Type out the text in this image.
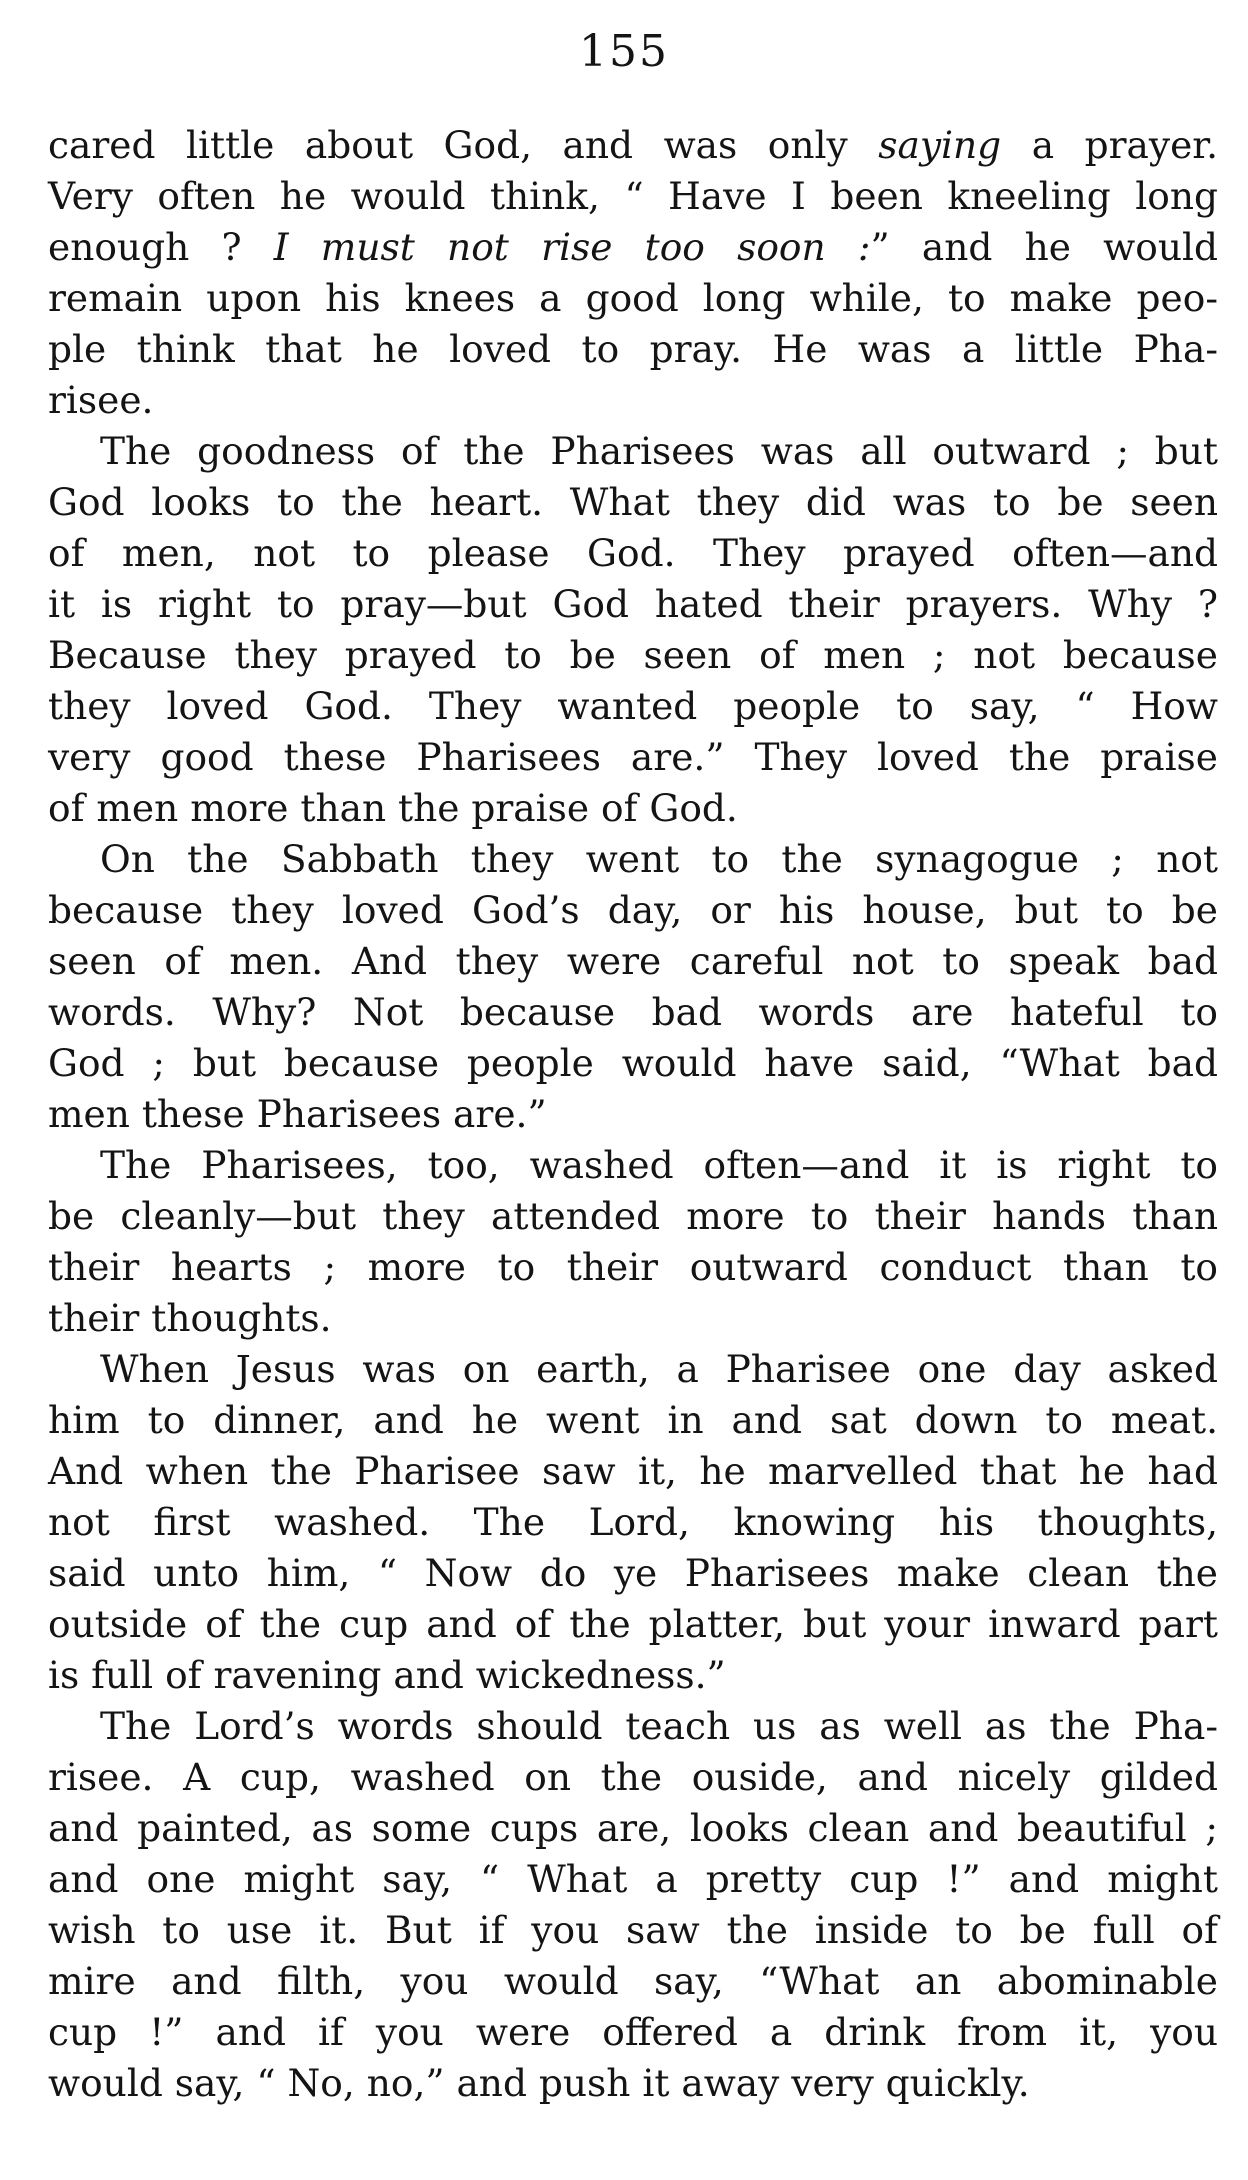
155
cared little about God, and was only saying a prayer.
Very often he would think, “ Have I been kneeling long
enough ? I must not rise too soon :” and he would
remain upon his knees a good long while, to make peo-
ple think that he loved to pray. He was a little Pha-
risee.
The goodness of the Pharisees was all outward ; but
God looks to the heart. What they did was to be seen
of men, not to please God. They prayed often—and
it is right to pray—but God hated their prayers. Why ?
Because they prayed to be seen of men ; not because
they loved God. They wanted people to say, “ How
very good these Pharisees are.” They loved the praise
of men more than the praise of God.
On the Sabbath they went to the synagogue ; not
because they loved God’s day, or his house, but to be
seen of men. And they were careful not to speak bad
words. Why? Not because bad words are hateful to
God ; but because people would have said, “What bad
men these Pharisees are.”
The Pharisees, too, washed often—and it is right to
be cleanly—but they attended more to their hands than
their hearts ; more to their outward conduct than to
their thoughts.
When Jesus was on earth, a Pharisee one day asked
him to dinner, and he went in and sat down to meat.
And when the Pharisee saw it, he marvelled that he had
not first washed. The Lord, knowing his thoughts,
said unto him, “ Now do ye Pharisees make clean the
outside of the cup and of the platter, but your inward part
is full of ravening and wickedness.”
The Lord’s words should teach us as well as the Pha-
risee. A cup, washed on the ouside, and nicely gilded
and painted, as some cups are, looks clean and beautiful ;
and one might say, “ What a pretty cup !” and might
wish to use it. But if you saw the inside to be full of
mire and filth, you would say, “What an abominable
cup !” and if you were offered a drink from it, you
would say, “ No, no,” and push it away very quickly.
